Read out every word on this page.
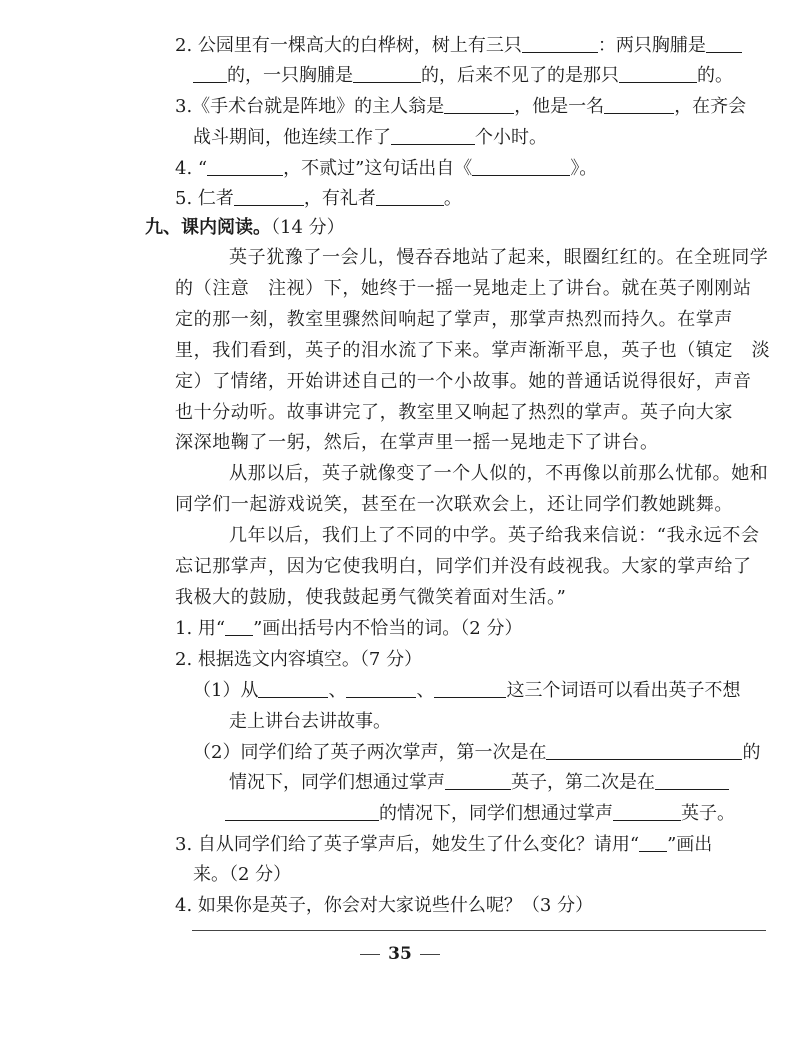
2. 公园里有一棵高大的白桦树，树上有三只	：两只胸脯是
的，一只胸脯是	的，后来不见了的是那只	的。
3.《手术台就是阵地》的主人翁是	，他是一名	，在齐会
战斗期间，他连续工作了	个小时。
4. “	，不贰过”这句话出自《	》。
5. 仁者	，有礼者	。
九、课内阅读。（14 分）
英子犹豫了一会儿，慢吞吞地站了起来，眼圈红红的。在全班同学
的（注意　注视）下，她终于一摇一晃地走上了讲台。就在英子刚刚站
定的那一刻，教室里骤然间响起了掌声，那掌声热烈而持久。在掌声
里，我们看到，英子的泪水流了下来。掌声渐渐平息，英子也（镇定　淡
定）了情绪，开始讲述自己的一个小故事。她的普通话说得很好，声音
也十分动听。故事讲完了，教室里又响起了热烈的掌声。英子向大家
深深地鞠了一躬，然后，在掌声里一摇一晃地走下了讲台。
从那以后，英子就像变了一个人似的，不再像以前那么忧郁。她和
同学们一起游戏说笑，甚至在一次联欢会上，还让同学们教她跳舞。
几年以后，我们上了不同的中学。英子给我来信说：“我永远不会
忘记那掌声，因为它使我明白，同学们并没有歧视我。大家的掌声给了
我极大的鼓励，使我鼓起勇气微笑着面对生活。”
1. 用“ ”画出括号内不恰当的词。（2 分）
2. 根据选文内容填空。（7 分）
（1）从	、	、	这三个词语可以看出英子不想
走上讲台去讲故事。
（2）同学们给了英子两次掌声，第一次是在	的
情况下，同学们想通过掌声	英子，第二次是在
的情况下，同学们想通过掌声	英子。
3. 自从同学们给了英子掌声后，她发生了什么变化？请用“ ”画出
来。（2 分）
4. 如果你是英子，你会对大家说些什么呢？（3 分）
35
